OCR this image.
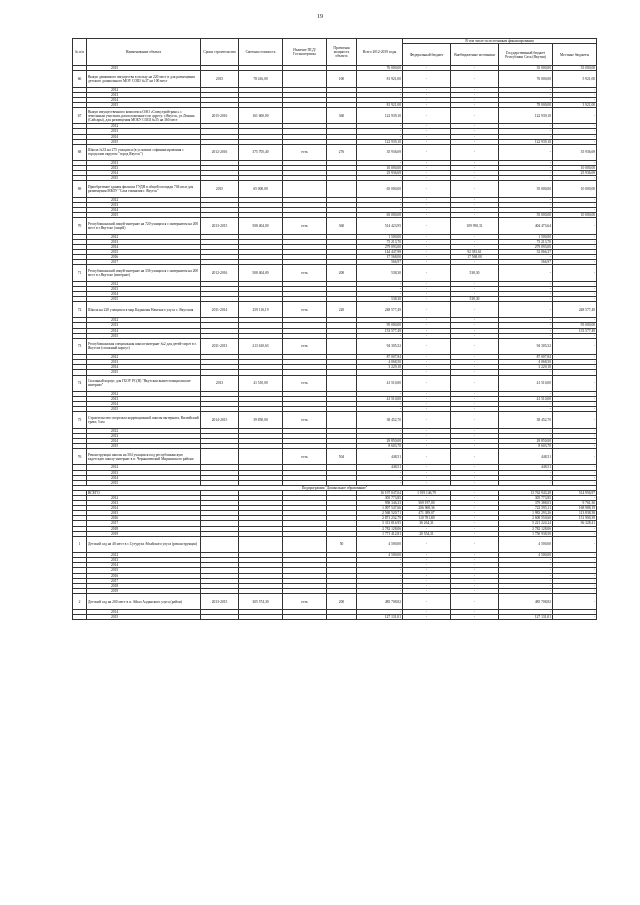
19
№ п/п	Наименование объекта	Сроки строительства	Сметная стоимость	Наличие ПСД/ Госэкспертизы	Проектная мощность объекта	Всего 2012-2019 годы	В том числе по источникам финансирования			
							Федеральный бюджет	Внебюджетные источники	Государственный бюджет Республики Саха (Якутия)	Местные бюджеты
	2015					76 000,00	-	-	35 000,00	35 000,00
66	Выкуп движимого имущества в пользу на 220 мест и для размещения детского дошкольного МОУ СОШ №37 на 100 мест	2015	78 416,00		100	81 921,00	-	-	76 000,00	5 921,00
	2012					-	-	-	-	-
	2013					-	-	-	-	-
	2014					-	-	-	-	-
	2015					81 921,00	-	-	78 000,00	3 921,00
67	Выкуп имущественного комплекса ОАО «Спецстройтранс» с земельным участком, расположенного по адресу: г.Якутск, ул.Ленина (Сайсары), для размещения МОБУ СОШ №35 на 360 мест	2015-2016	161 600,00		360	122 939,10	-	-	122 939,10	-
	2012					-	-	-	-	-
	2013					-	-	-	-	-
	2014					-	-	-	-	-
	2015					122 939,10	-	-	122 939,10	-
68	Школа №33 на 275 учащихся (в условиях софинансирования с городским округом "город Якутск")	2012-2016	375 705,40	есть	276	35 936,69	-	-	-	35 936,69
	2013					-	-	-	-	-
	2013					10 000,00	-	-	-	10 000,00
	2014					25 936,69	-	-	-	25 936,69
	2015					-	-	-	-	-
69	Приобретение здания филиала ГУДН в общей площади 704 кв.м для размещения МБОУ "Саха гимназия г. Якутск"	2015	65 000,00			65 000,00	-	-	55 000,00	10 000,00
	2012					-	-	-	-	-
	2013					-	-	-	-	-
	2014					-	-	-	-	-
	2015					65 000,00	-	-	55 000,00	10 000,00
70	Республиканский лицей-интернат на 720 учащихся с интернатом на 200 мест в г.Якутске (лицей)	2013-2015	508 404,00	есть	360	514 423,95	-	109 950,31	404 473,64	-
	2012					1 500,00	-	-	1 500,00	-
	2013					75 213,70	-	-	75 213,70	-
	2014					279 093,00	-	-	279 093,00	-
	2015					144 447,98	-	92 381,61	52 066,37	-
	2016					17 568,00	-	17 568,00	-	-
	2017					566,97	-	-	566,97	-
71	Республиканский лицей-интернат на 336 учащихся с интернатом на 200 мест в г.Якутске (интернат)	2012-2016	508 404,00	есть	200	538,30	-	538,30	-	-
	2012					-	-	-	-	-
	2013					-	-	-	-	-
	2014					-	-	-	-	-
	2015					538,30	-	538,30	-	-
72	Школа на 220 учащихся в мкр.Кадыкчан Намского улуса с. Якутская	2011-2014	259 116,19	есть	220	248 577,49	-	-	-	248 577,49
	2012					-	-	-	-	-
	2013					95 000,00	-	-	-	95 000,00
	2014					153 577,49	-	-	-	153 577,49
	2015					-	-	-	-	-
73	Республиканская специальная школа-интернат №2 для детей-сирот в г. Якутске (спальный корпус)	2011-2013	213 610,63	есть		94 305,52	-	-	94 305,52	-
	2012					87 007,84	-	-	87 007,84	-
	2013					4 068,50	-	-	4 068,50	-
	2014					3 229,18	-	-	3 229,18	-
	2015					-	-	-	-	-
74	Спальный корпус для ГБОУ РС(Я) "Якутская вышестоящая школа-интернат"	2013	41 510,00	есть		41 510,00	-	-	41 510,00	-
	2012					-	-	-	-	-
	2013					41 510,00	-	-	41 510,00	-
	2014					-	-	-	-	-
	2015					-	-	-	-	-
75	Строительство спортзала коррекционной школы-интерната, Вилюйский тракт, 3 км	2014-2015	39 850,00	есть		38 452,70	-	-	38 452,70	-
	2012					-	-	-	-	-
	2013					-	-	-	-	-
	2014					29 850,00	-	-	29 850,00	-
	2015					8 603,70	-	-	8 603,70	-
76	Реконструкция школы на 504 учащихся под республиканскую кадетскую школу-интернат в п. Чернышевский Мирнинского района			есть	504	448,51	-	-	448,51	-
	2012					448,51	-	-	448,51	-
	2013					-	-	-	-	-
	2014					-	-	-	-	-
	2015					-	-	-	-	-
Подпрограмма "Дошкольное образование"										
	ВСЕГО					16 197 047,04	1 919 146,79	-	13 762 943,28	514 956,97
	2012					305 773,85	-	-	305 773,85	-
	2013					958 346,33	569 197,00	-	379 388,03	9 761,30
	2014					1 097 547,66	206 968,36	-	722 595,11	168 988,19
	2015					2 568 520,71	471 389,07	-	1 983 293,26	113 838,38
	2016					2 871 232,79	110 781,80	-	2 608 550,60	151 900,39
	2017					5 313 816,95	36 264,31	-	5 221 224,24	56 328,41
	2018					2 782 128,06	-	-	2 782 128,06	-
	2019					1 771 412,81	20 554,31	-	1 750 938,50	-
1	Детский сад на 40 мест в с.Сутуруха Абыйского улуса (реконструкция)				50	4 500,00	-	-	4 500,00	-
	2012					4 500,00	-	-	4 500,00	-
	2013					-	-	-	-	-
	2014					-	-	-	-	-
	2015					-	-	-	-	-
	2016					-	-	-	-	-
	2017					-	-	-	-	-
	2018					-	-	-	-	-
	2019					-	-	-	-	-
2	Детский сад на 200 мест в п. Айыл Алданского улуса (район)	2013-2015	305 574,30	есть	200	485 708,82	-	-	485 708,82	-
	2014					-	-	-	-	-
	2015					127 131,01	-	-	127 131,01	-
